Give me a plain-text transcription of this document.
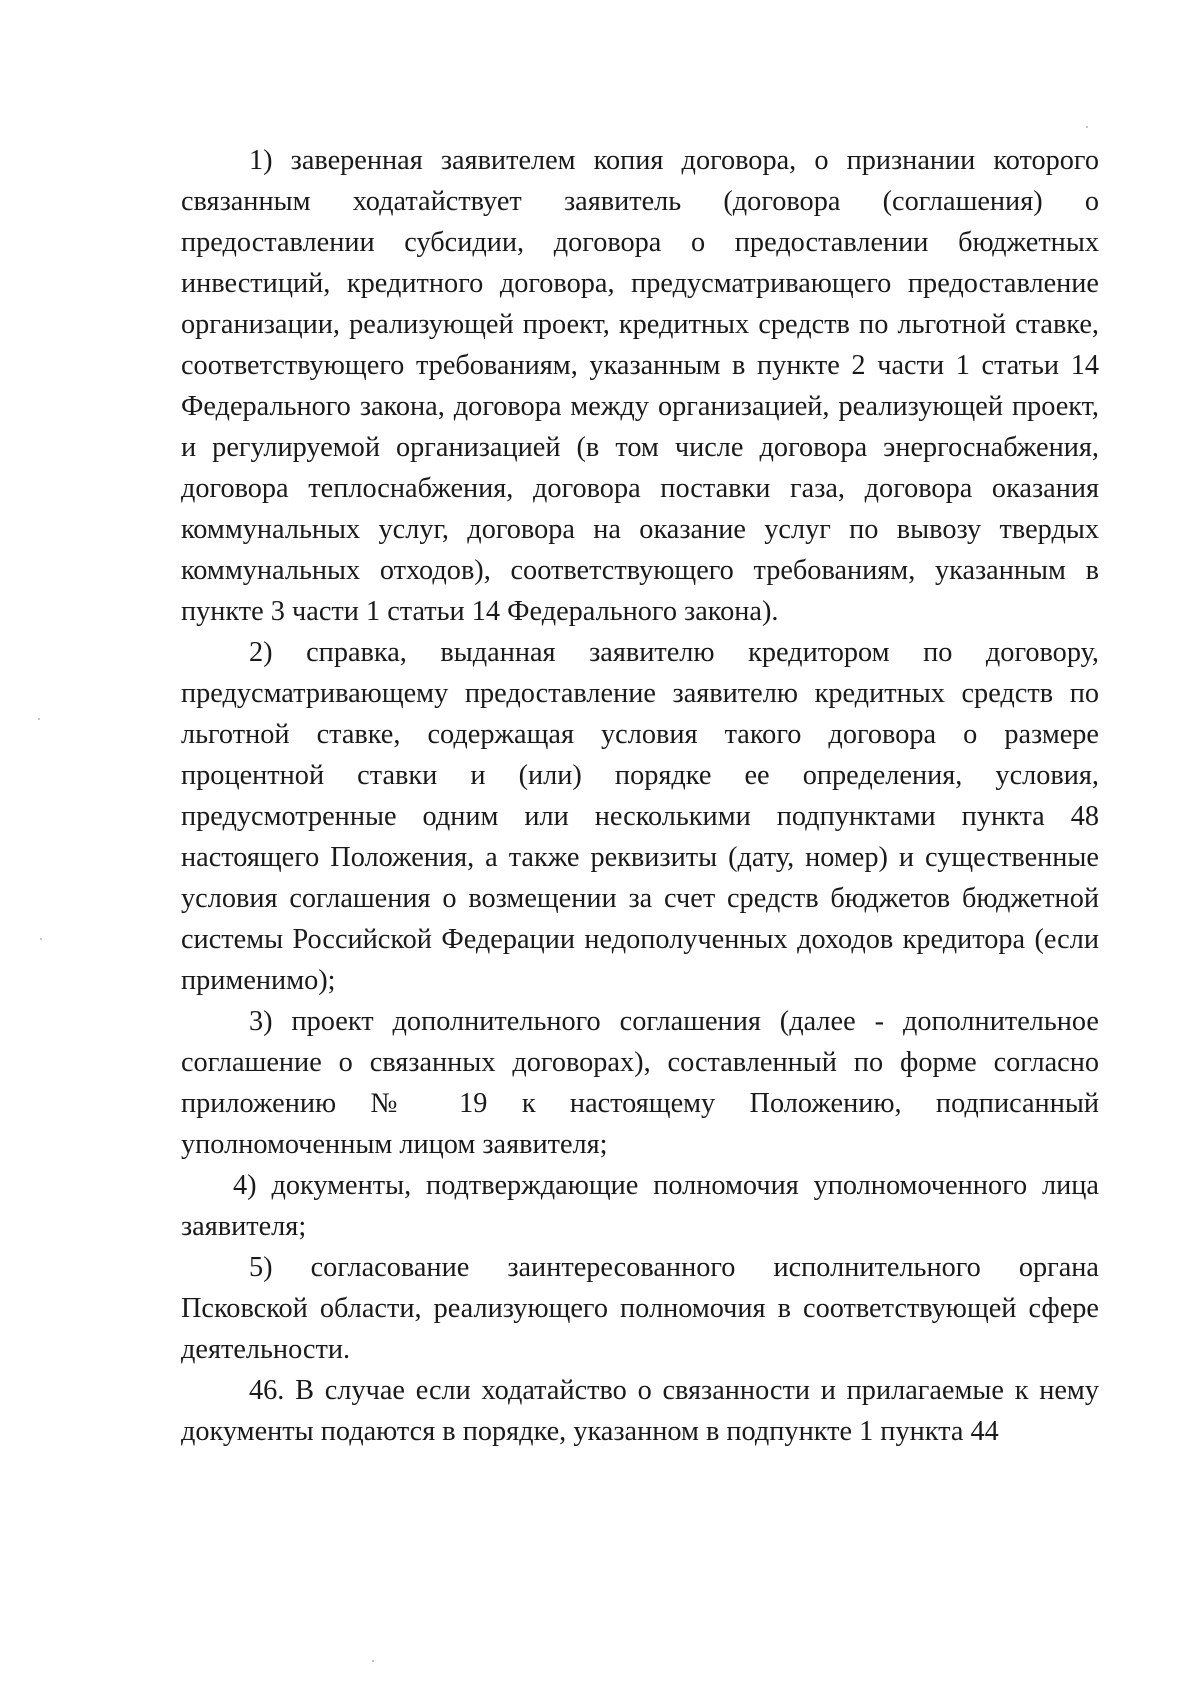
1) заверенная заявителем копия договора, о признании которого связанным ходатайствует заявитель (договора (соглашения) о предоставлении субсидии, договора о предоставлении бюджетных инвестиций, кредитного договора, предусматривающего предоставление организации, реализующей проект, кредитных средств по льготной ставке, соответствующего требованиям, указанным в пункте 2 части 1 статьи 14 Федерального закона, договора между организацией, реализующей проект, и регулируемой организацией (в том числе договора энергоснабжения, договора теплоснабжения, договора поставки газа, договора оказания коммунальных услуг, договора на оказание услуг по вывозу твердых коммунальных отходов), соответствующего требованиям, указанным в пункте 3 части 1 статьи 14 Федерального закона).

2) справка, выданная заявителю кредитором по договору, предусматривающему предоставление заявителю кредитных средств по льготной ставке, содержащая условия такого договора о размере процентной ставки и (или) порядке ее определения, условия, предусмотренные одним или несколькими подпунктами пункта 48 настоящего Положения, а также реквизиты (дату, номер) и существенные условия соглашения о возмещении за счет средств бюджетов бюджетной системы Российской Федерации недополученных доходов кредитора (если применимо);

3) проект дополнительного соглашения (далее - дополнительное соглашение о связанных договорах), составленный по форме согласно приложению № 19 к настоящему Положению, подписанный уполномоченным лицом заявителя;

4) документы, подтверждающие полномочия уполномоченного лица заявителя;

5) согласование заинтересованного исполнительного органа Псковской области, реализующего полномочия в соответствующей сфере деятельности.

46. В случае если ходатайство о связанности и прилагаемые к нему документы подаются в порядке, указанном в подпункте 1 пункта 44
